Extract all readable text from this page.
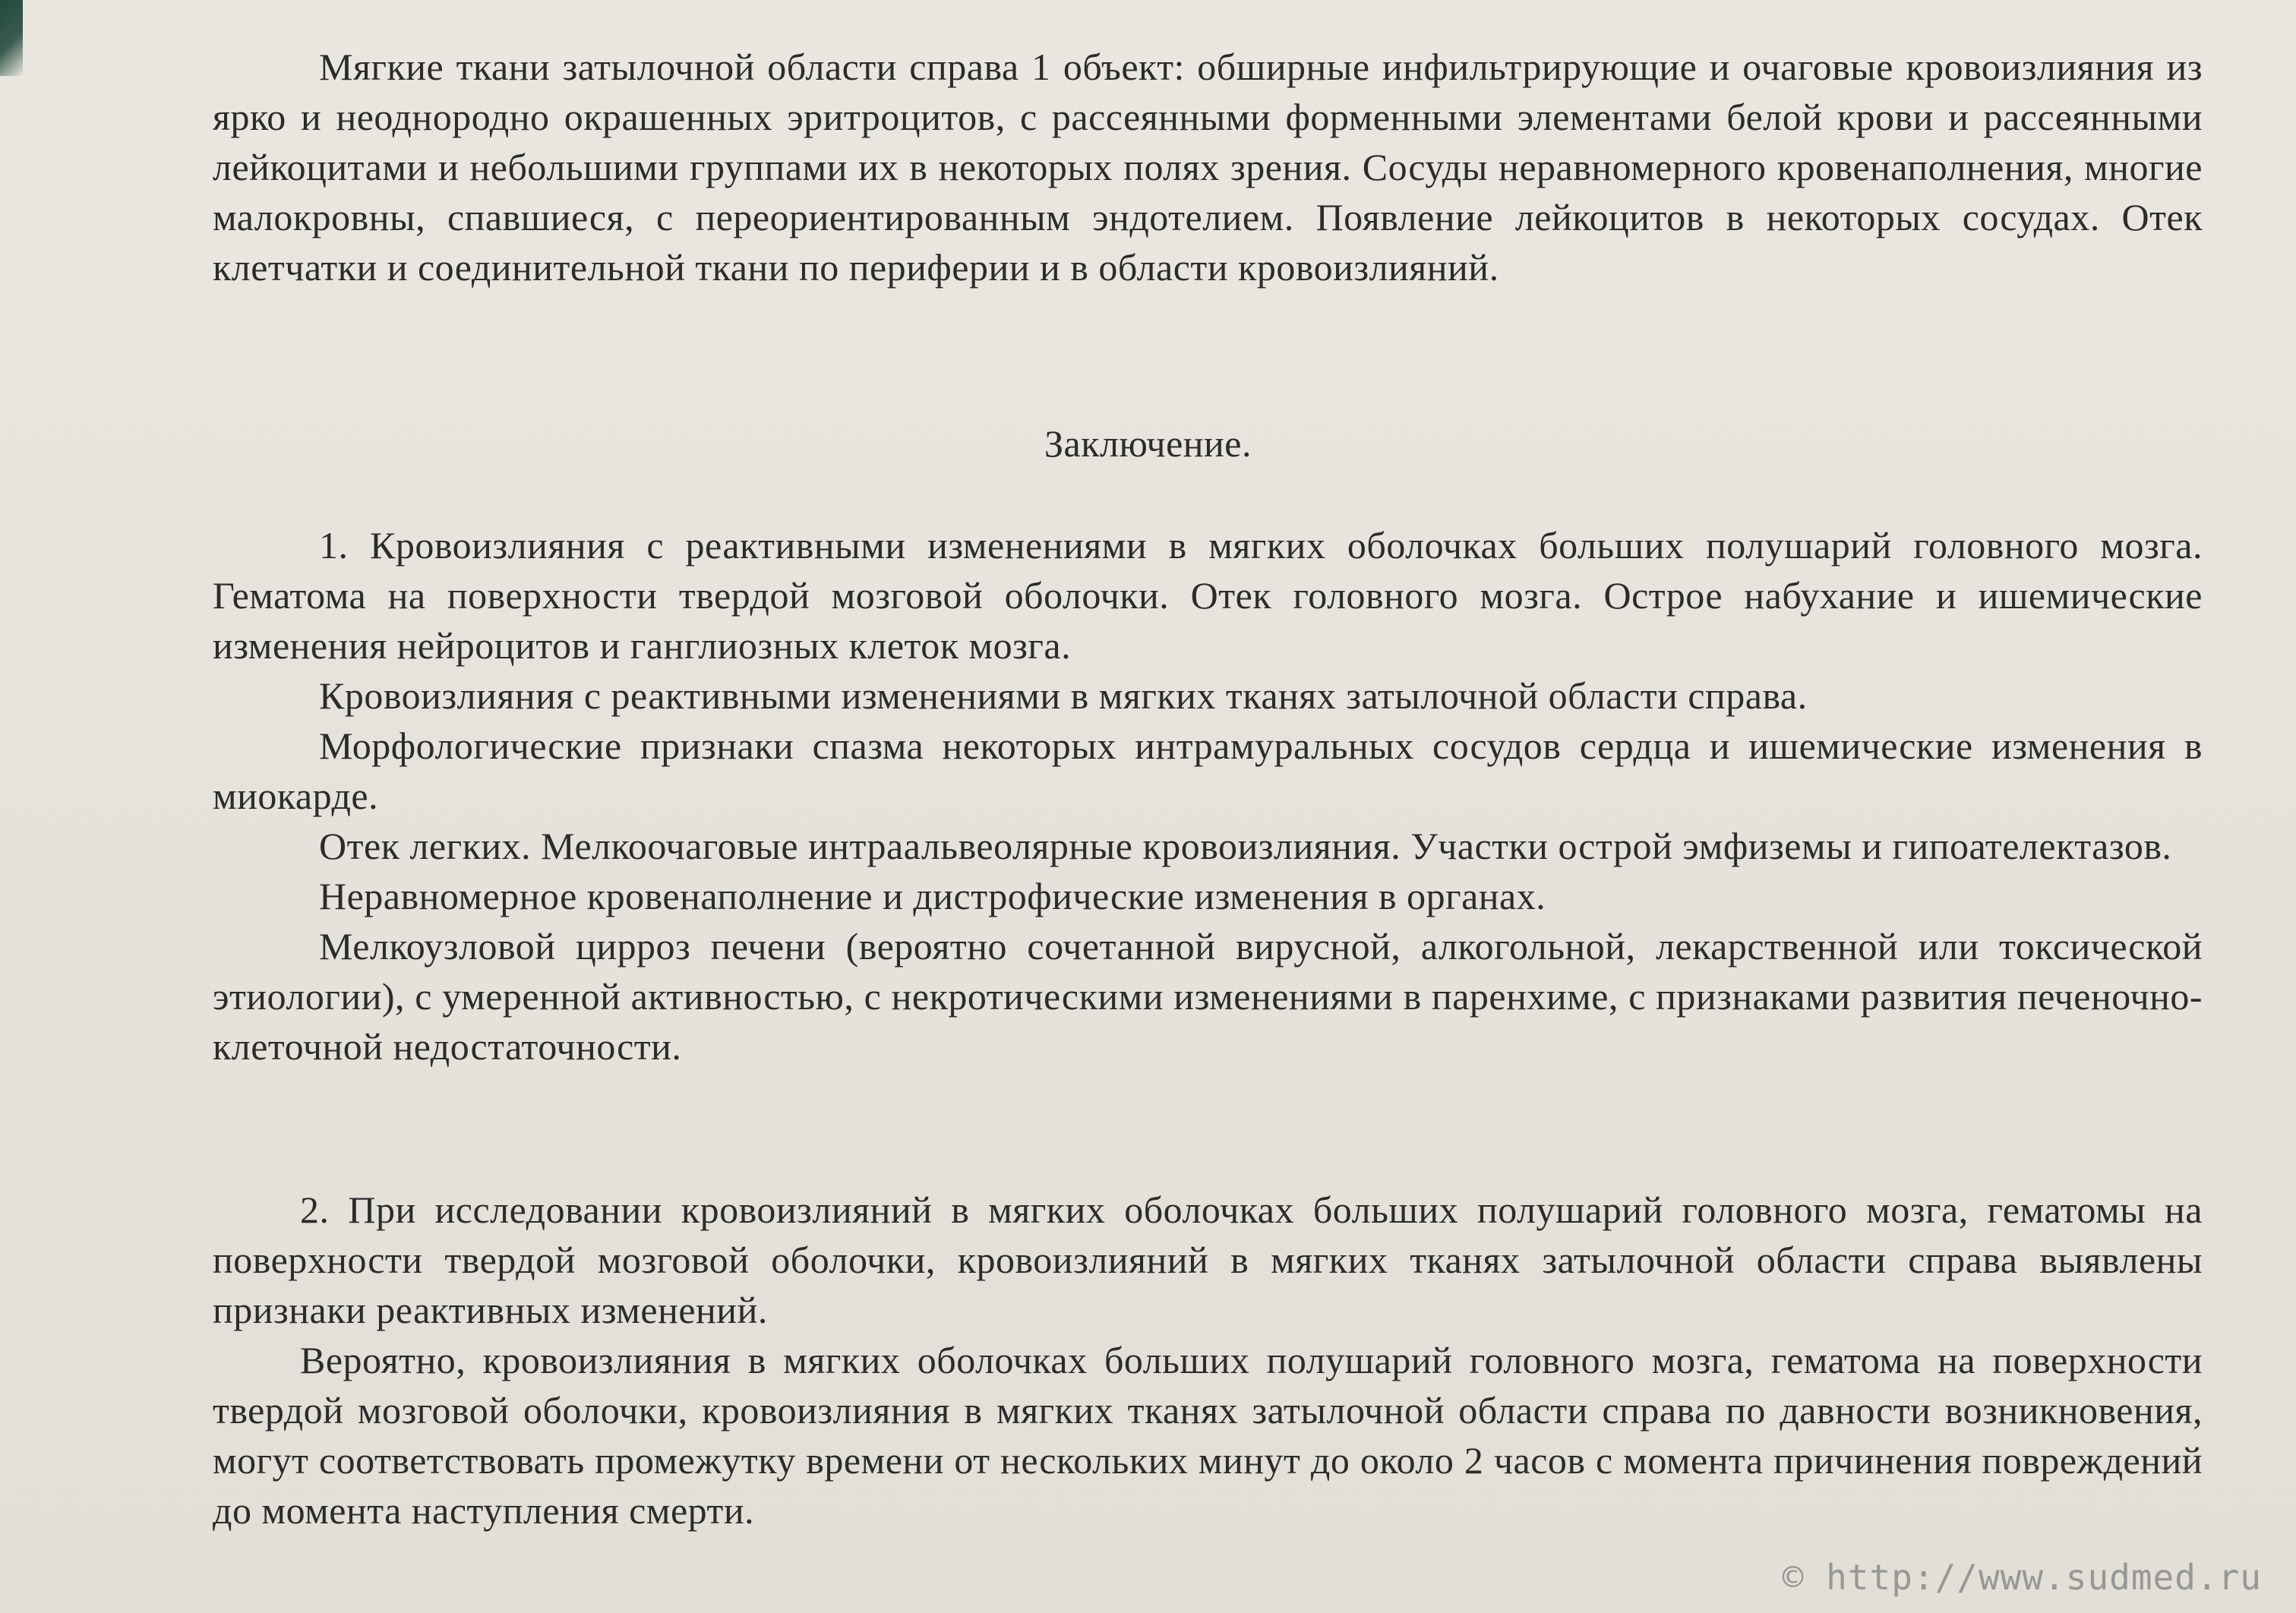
Мягкие ткани затылочной области справа 1 объект: обширные инфильтрирующие и очаговые кровоизлияния из ярко и неоднородно окрашенных эритроцитов, с рассеянными форменными элементами белой крови и рассеянными лейкоцитами и небольшими группами их в некоторых полях зрения. Сосуды неравномерного кровенаполнения, многие малокровны, спавшиеся, с переориентированным эндотелием. Появление лейкоцитов в некоторых сосудах. Отек клетчатки и соединительной ткани по периферии и в области кровоизлияний.

Заключение.

1. Кровоизлияния с реактивными изменениями в мягких оболочках больших полушарий головного мозга. Гематома на поверхности твердой мозговой оболочки. Отек головного мозга. Острое набухание и ишемические изменения нейроцитов и ганглиозных клеток мозга.

Кровоизлияния с реактивными изменениями в мягких тканях затылочной области справа.

Морфологические признаки спазма некоторых интрамуральных сосудов сердца и ишемические изменения в миокарде.

Отек легких. Мелкоочаговые интраальвеолярные кровоизлияния. Участки острой эмфиземы и гипоателектазов.

Неравномерное кровенаполнение и дистрофические изменения в органах.

Мелкоузловой цирроз печени (вероятно сочетанной вирусной, алкогольной, лекарственной или токсической этиологии), с умеренной активностью, с некротическими изменениями в паренхиме, с признаками развития печеночно-клеточной недостаточности.

2. При исследовании кровоизлияний в мягких оболочках больших полушарий головного мозга, гематомы на поверхности твердой мозговой оболочки, кровоизлияний в мягких тканях затылочной области справа выявлены признаки реактивных изменений.

Вероятно, кровоизлияния в мягких оболочках больших полушарий головного мозга, гематома на поверхности твердой мозговой оболочки, кровоизлияния в мягких тканях затылочной области справа по давности возникновения, могут соответствовать промежутку времени от нескольких минут до около 2 часов с момента причинения повреждений до момента наступления смерти.

© http://www.sudmed.ru
